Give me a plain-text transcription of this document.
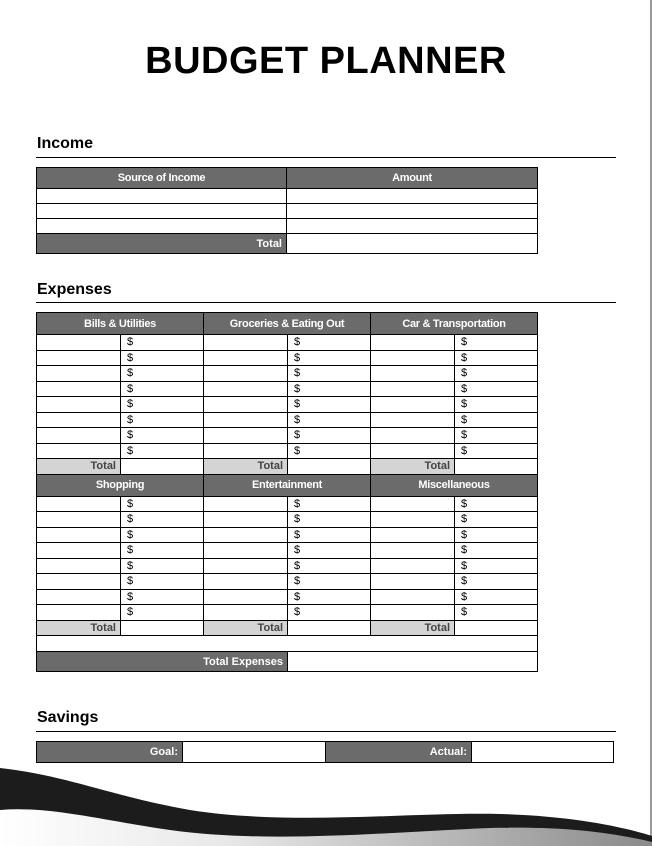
BUDGET PLANNER
Income
Source of Income	Amount

Total	
Expenses
Bills & Utilities		Groceries & Eating Out		Car & Transportation	
	$		$		$
	$		$		$
	$		$		$
	$		$		$
	$		$		$
	$		$		$
	$		$		$
	$		$		$
Total		Total		Total	
Shopping		Entertainment		Miscellaneous	
	$		$		$
	$		$		$
	$		$		$
	$		$		$
	$		$		$
	$		$		$
	$		$		$
	$		$		$
Total		Total		Total	

Total Expenses					
Savings
Goal:		Actual:	
